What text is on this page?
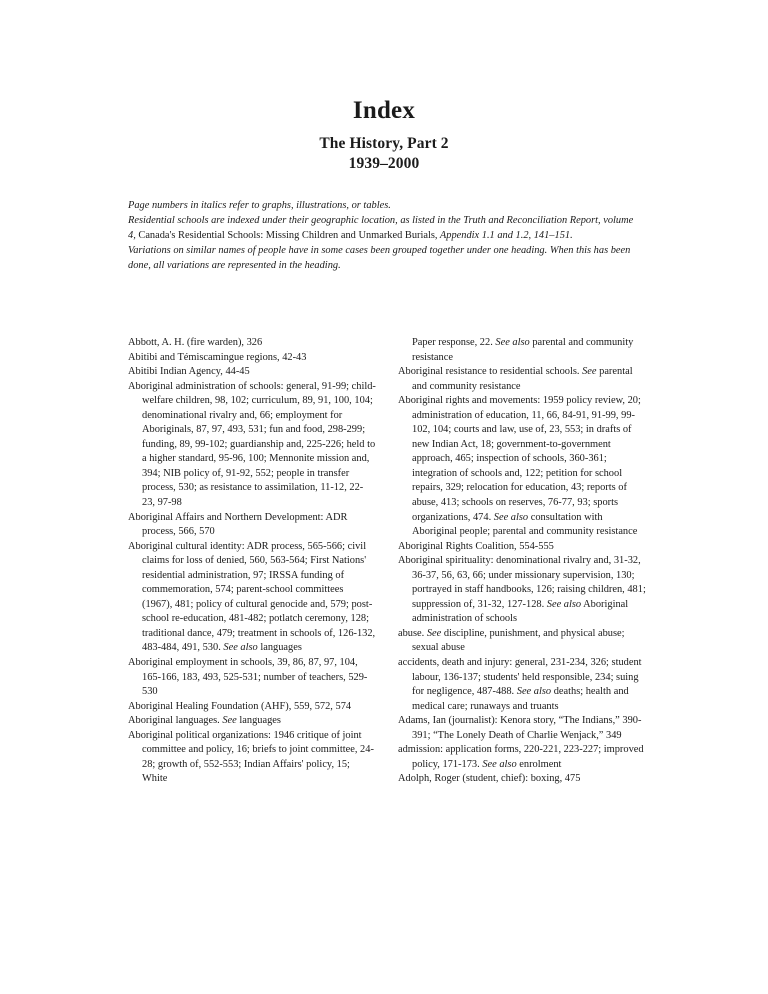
Index

The History, Part 2

1939–2000

Page numbers in italics refer to graphs, illustrations, or tables.

Residential schools are indexed under their geographic location, as listed in the Truth and Reconciliation Report, volume 4, Canada's Residential Schools: Missing Children and Unmarked Burials, Appendix 1.1 and 1.2, 141–151.

Variations on similar names of people have in some cases been grouped together under one heading. When this has been done, all variations are represented in the heading.

Abbott, A. H. (fire warden), 326

Abitibi and Témiscamingue regions, 42-43

Abitibi Indian Agency, 44-45

Aboriginal administration of schools: general, 91-99; child-welfare children, 98, 102; curriculum, 89, 91, 100, 104; denominational rivalry and, 66; employment for Aboriginals, 87, 97, 493, 531; fun and food, 298-299; funding, 89, 99-102; guardianship and, 225-226; held to a higher standard, 95-96, 100; Mennonite mission and, 394; NIB policy of, 91-92, 552; people in transfer process, 530; as resistance to assimilation, 11-12, 22-23, 97-98

Aboriginal Affairs and Northern Development: ADR process, 566, 570

Aboriginal cultural identity: ADR process, 565-566; civil claims for loss of denied, 560, 563-564; First Nations' residential administration, 97; IRSSA funding of commemoration, 574; parent-school committees (1967), 481; policy of cultural genocide and, 579; post-school re-education, 481-482; potlatch ceremony, 128; traditional dance, 479; treatment in schools of, 126-132, 483-484, 491, 530. See also languages

Aboriginal employment in schools, 39, 86, 87, 97, 104, 165-166, 183, 493, 525-531; number of teachers, 529-530

Aboriginal Healing Foundation (AHF), 559, 572, 574

Aboriginal languages. See languages

Aboriginal political organizations: 1946 critique of joint committee and policy, 16; briefs to joint committee, 24-28; growth of, 552-553; Indian Affairs' policy, 15; White

Paper response, 22. See also parental and community resistance

Aboriginal resistance to residential schools. See parental and community resistance

Aboriginal rights and movements: 1959 policy review, 20; administration of education, 11, 66, 84-91, 91-99, 99-102, 104; courts and law, use of, 23, 553; in drafts of new Indian Act, 18; government-to-government approach, 465; inspection of schools, 360-361; integration of schools and, 122; petition for school repairs, 329; relocation for education, 43; reports of abuse, 413; schools on reserves, 76-77, 93; sports organizations, 474. See also consultation with Aboriginal people; parental and community resistance

Aboriginal Rights Coalition, 554-555

Aboriginal spirituality: denominational rivalry and, 31-32, 36-37, 56, 63, 66; under missionary supervision, 130; portrayed in staff handbooks, 126; raising children, 481; suppression of, 31-32, 127-128. See also Aboriginal administration of schools

abuse. See discipline, punishment, and physical abuse; sexual abuse

accidents, death and injury: general, 231-234, 326; student labour, 136-137; students' held responsible, 234; suing for negligence, 487-488. See also deaths; health and medical care; runaways and truants

Adams, Ian (journalist): Kenora story, “The Indians,” 390-391; “The Lonely Death of Charlie Wenjack,” 349

admission: application forms, 220-221, 223-227; improved policy, 171-173. See also enrolment

Adolph, Roger (student, chief): boxing, 475
